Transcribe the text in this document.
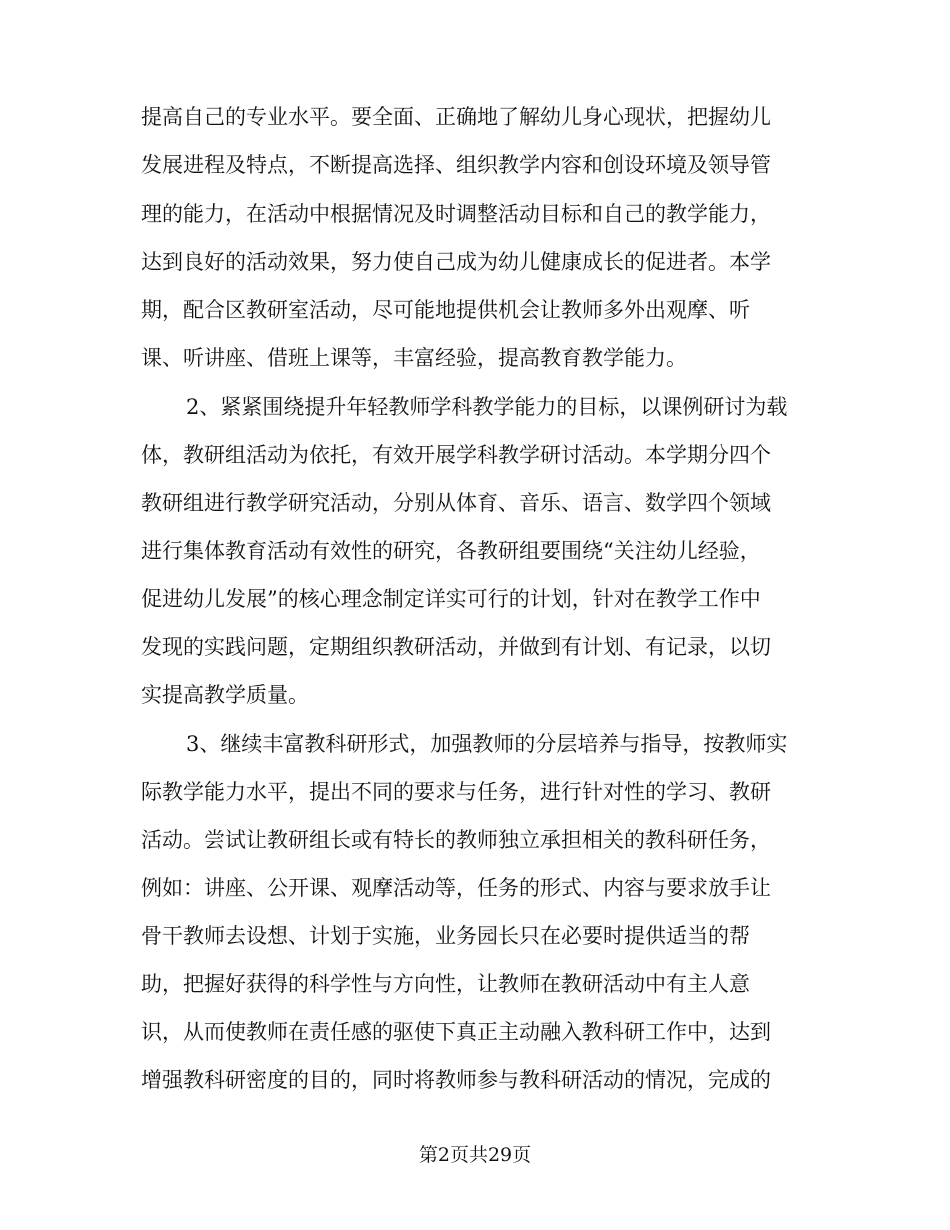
提高自己的专业水平。要全面、正确地了解幼儿身心现状，把握幼儿
发展进程及特点，不断提高选择、组织教学内容和创设环境及领导管
理的能力，在活动中根据情况及时调整活动目标和自己的教学能力，
达到良好的活动效果，努力使自己成为幼儿健康成长的促进者。本学
期，配合区教研室活动，尽可能地提供机会让教师多外出观摩、听
课、听讲座、借班上课等，丰富经验，提高教育教学能力。
2、紧紧围绕提升年轻教师学科教学能力的目标，以课例研讨为载
体，教研组活动为依托，有效开展学科教学研讨活动。本学期分四个
教研组进行教学研究活动，分别从体育、音乐、语言、数学四个领域
进行集体教育活动有效性的研究，各教研组要围绕“关注幼儿经验，
促进幼儿发展”的核心理念制定详实可行的计划，针对在教学工作中
发现的实践问题，定期组织教研活动，并做到有计划、有记录，以切
实提高教学质量。
3、继续丰富教科研形式，加强教师的分层培养与指导，按教师实
际教学能力水平，提出不同的要求与任务，进行针对性的学习、教研
活动。尝试让教研组长或有特长的教师独立承担相关的教科研任务，
例如：讲座、公开课、观摩活动等，任务的形式、内容与要求放手让
骨干教师去设想、计划于实施，业务园长只在必要时提供适当的帮
助，把握好获得的科学性与方向性，让教师在教研活动中有主人意
识，从而使教师在责任感的驱使下真正主动融入教科研工作中，达到
增强教科研密度的目的，同时将教师参与教科研活动的情况，完成的
第2页共29页
